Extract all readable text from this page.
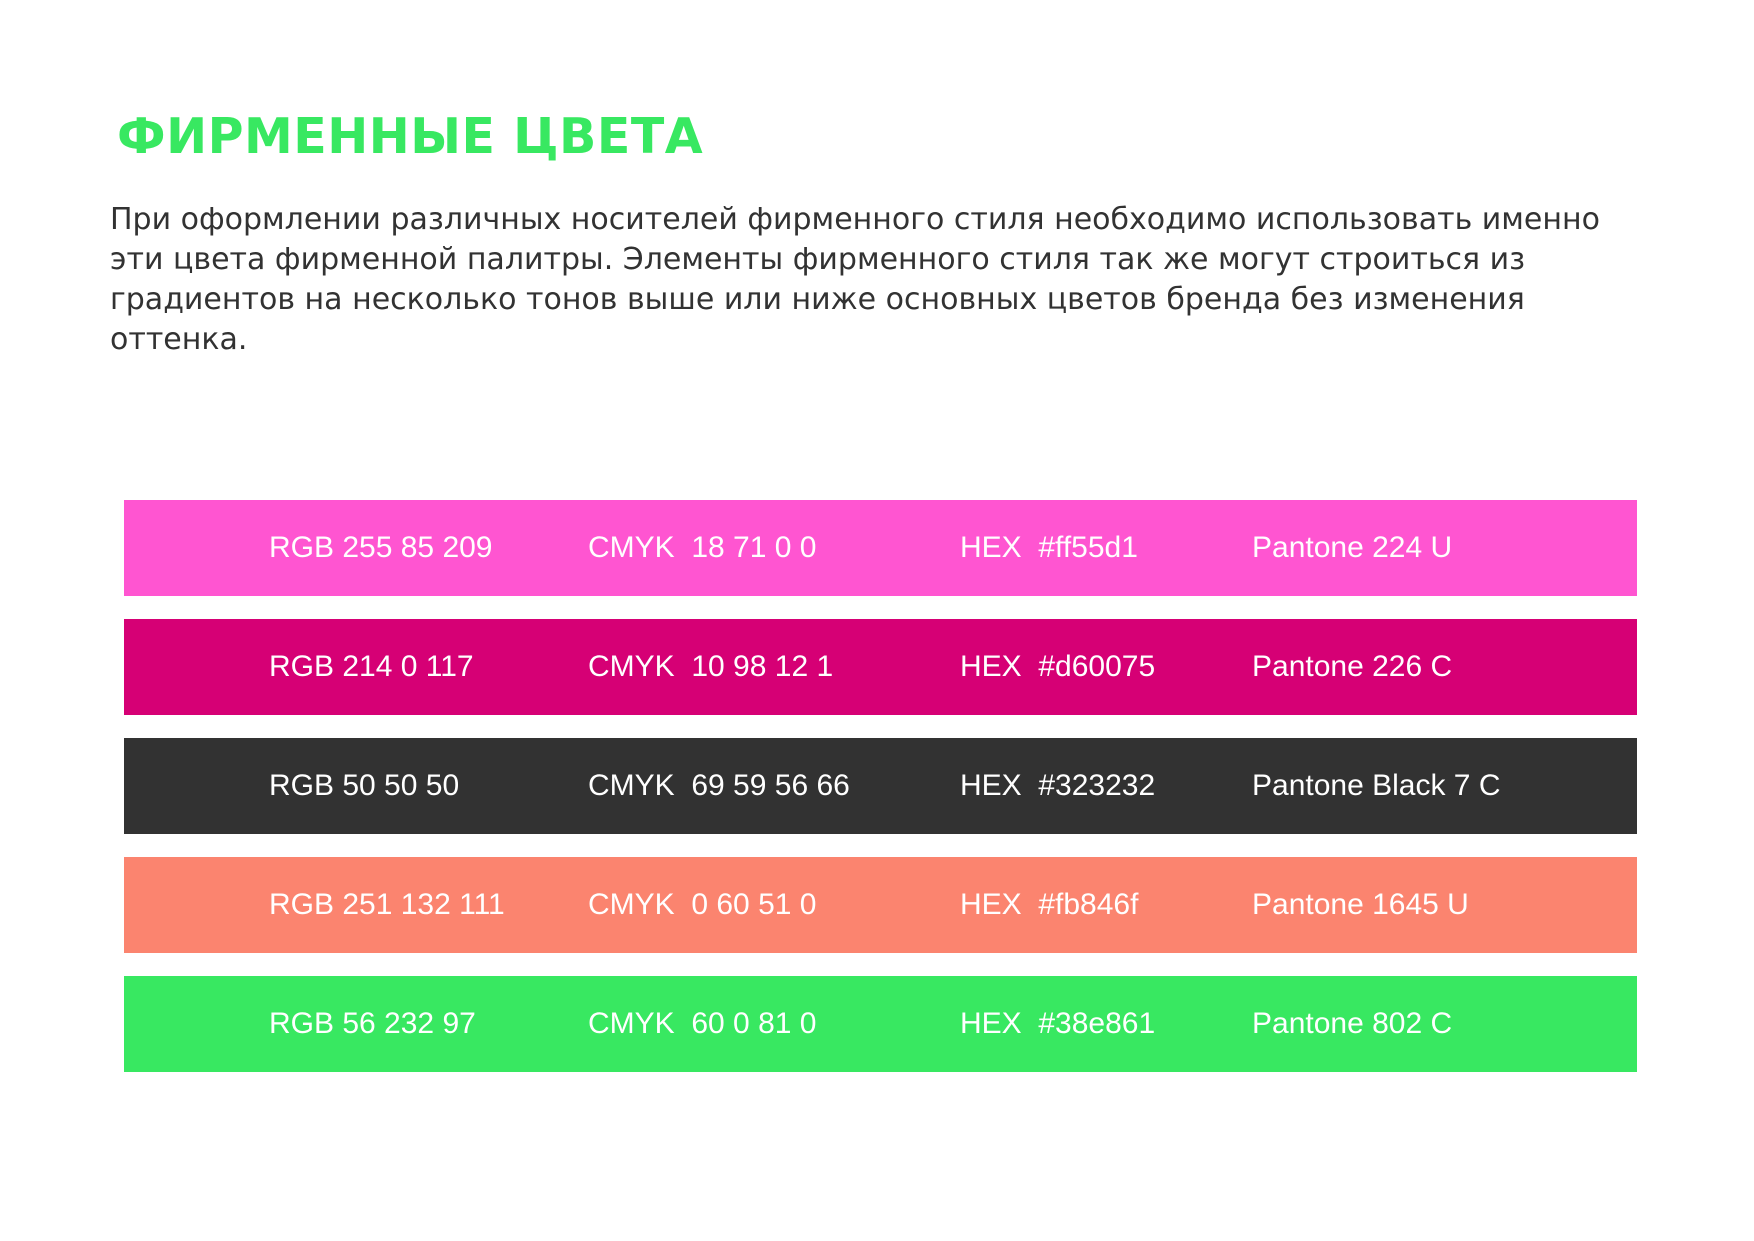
ФИРМЕННЫЕ ЦВЕТА

При оформлении различных носителей фирменного стиля необходимо использовать именно эти цвета фирменной палитры. Элементы фирменного стиля так же могут строиться из градиентов на несколько тонов выше или ниже основных цветов бренда без изменения оттенка.

RGB 255 85 209	CMYK  18 71 0 0	HEX  #ff55d1	Pantone 224 U
RGB 214 0 117	CMYK  10 98 12 1	HEX  #d60075	Pantone 226 C
RGB 50 50 50	CMYK  69 59 56 66	HEX  #323232	Pantone Black 7 C
RGB 251 132 111	CMYK  0 60 51 0	HEX  #fb846f	Pantone 1645 U
RGB 56 232 97	CMYK  60 0 81 0	HEX  #38e861	Pantone 802 C
